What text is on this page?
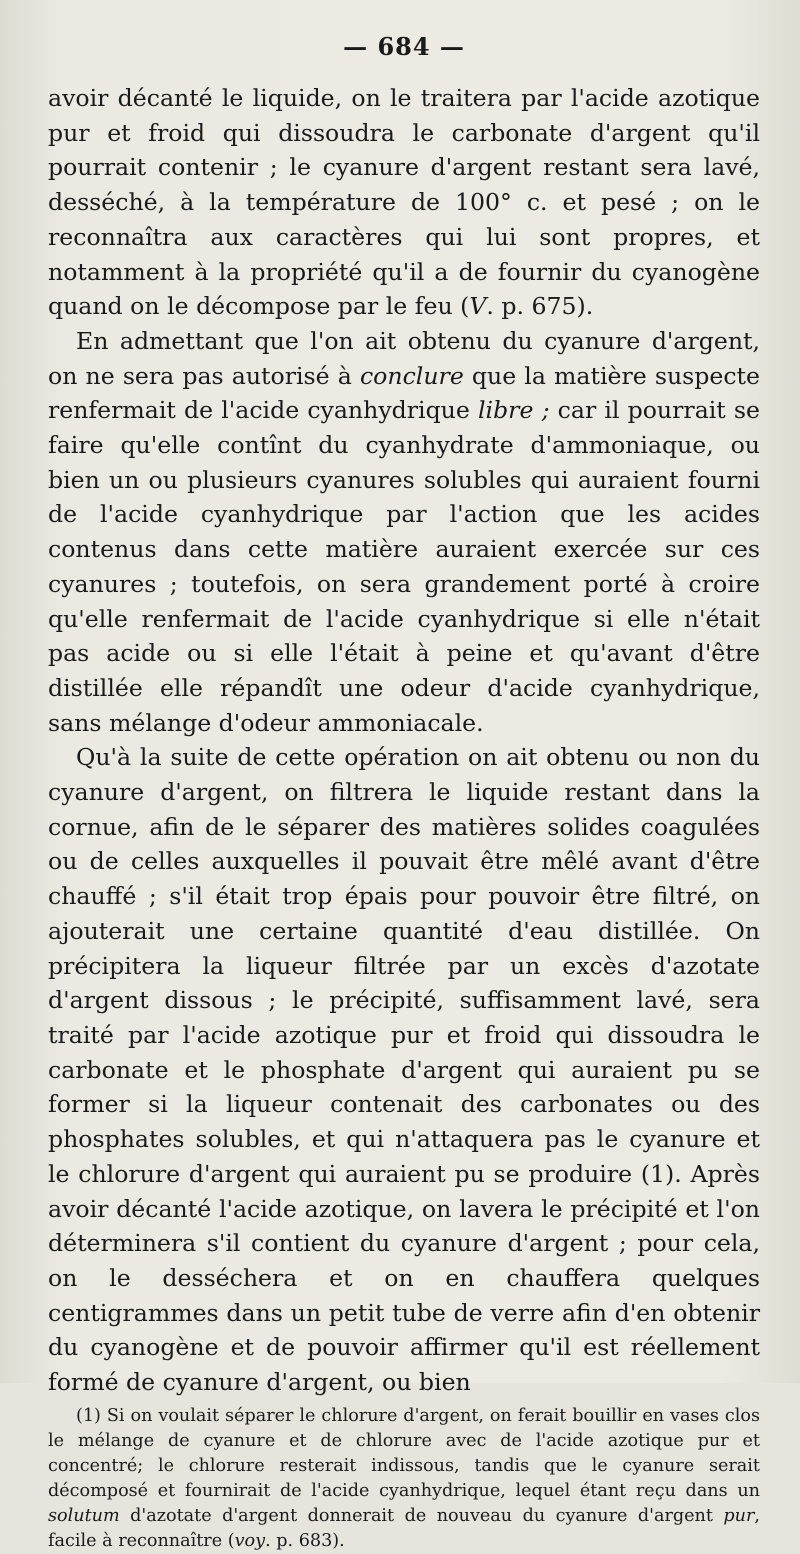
— 684 —

avoir décanté le liquide, on le traitera par l'acide azotique pur et froid qui dissoudra le carbonate d'argent qu'il pourrait contenir ; le cyanure d'argent restant sera lavé, desséché, à la température de 100° c. et pesé ; on le reconnaîtra aux caractères qui lui sont propres, et notamment à la propriété qu'il a de fournir du cyanogène quand on le décompose par le feu (V. p. 675).

En admettant que l'on ait obtenu du cyanure d'argent, on ne sera pas autorisé à conclure que la matière suspecte renfermait de l'acide cyanhydrique libre ; car il pourrait se faire qu'elle contînt du cyanhydrate d'ammoniaque, ou bien un ou plusieurs cyanures solubles qui auraient fourni de l'acide cyanhydrique par l'action que les acides contenus dans cette matière auraient exercée sur ces cyanures ; toutefois, on sera grandement porté à croire qu'elle renfermait de l'acide cyanhydrique si elle n'était pas acide ou si elle l'était à peine et qu'avant d'être distillée elle répandît une odeur d'acide cyanhydrique, sans mélange d'odeur ammoniacale.

Qu'à la suite de cette opération on ait obtenu ou non du cyanure d'argent, on filtrera le liquide restant dans la cornue, afin de le séparer des matières solides coagulées ou de celles auxquelles il pouvait être mêlé avant d'être chauffé ; s'il était trop épais pour pouvoir être filtré, on ajouterait une certaine quantité d'eau distillée. On précipitera la liqueur filtrée par un excès d'azotate d'argent dissous ; le précipité, suffisamment lavé, sera traité par l'acide azotique pur et froid qui dissoudra le carbonate et le phosphate d'argent qui auraient pu se former si la liqueur contenait des carbonates ou des phosphates solubles, et qui n'attaquera pas le cyanure et le chlorure d'argent qui auraient pu se produire (1). Après avoir décanté l'acide azotique, on lavera le précipité et l'on déterminera s'il contient du cyanure d'argent ; pour cela, on le desséchera et on en chauffera quelques centigrammes dans un petit tube de verre afin d'en obtenir du cyanogène et de pouvoir affirmer qu'il est réellement formé de cyanure d'argent, ou bien

(1) Si on voulait séparer le chlorure d'argent, on ferait bouillir en vases clos le mélange de cyanure et de chlorure avec de l'acide azotique pur et concentré; le chlorure resterait indissous, tandis que le cyanure serait décomposé et fournirait de l'acide cyanhydrique, lequel étant reçu dans un solutum d'azotate d'argent donnerait de nouveau du cyanure d'argent pur, facile à reconnaître (voy. p. 683).
